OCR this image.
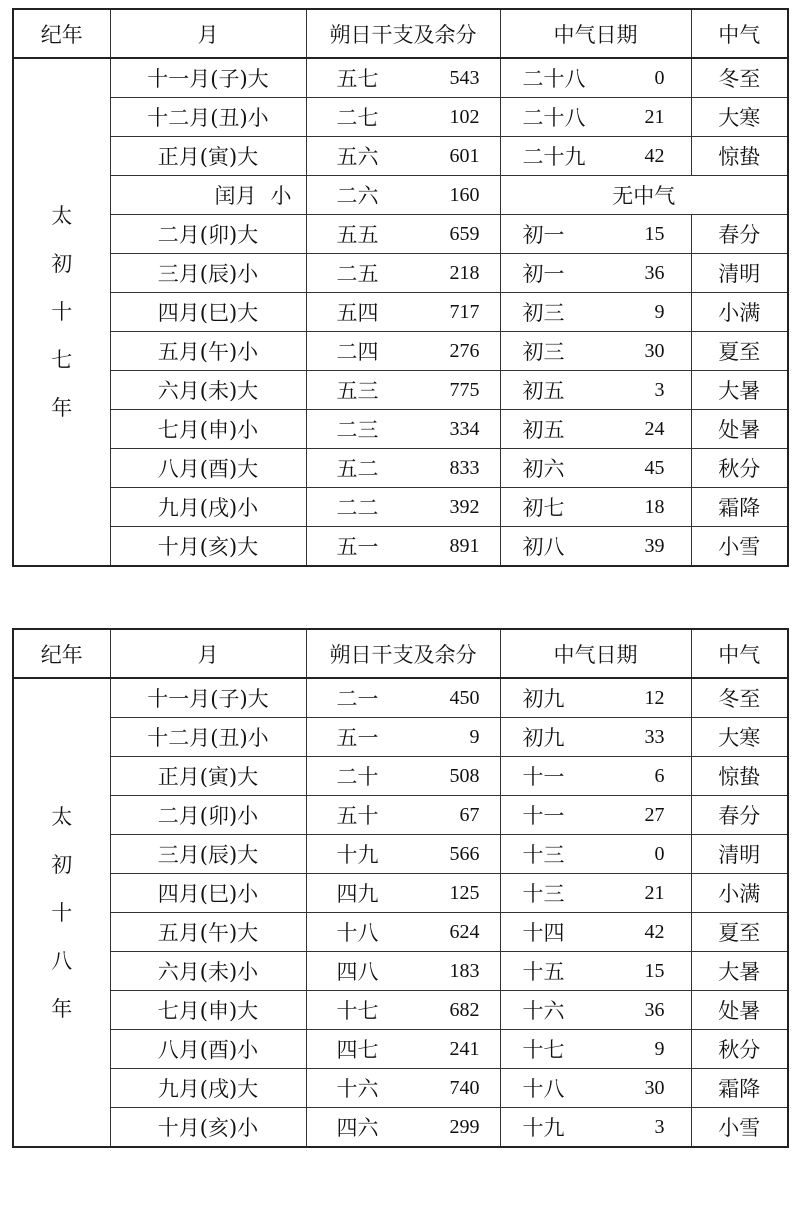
纪年	月	朔日干支及余分	中气日期	中气

太
初
十
七
年	十一月(子)大	五七 543	二十八 0	冬至
	十二月(丑)小	二七 102	二十八 21	大寒
	正月(寅)大	五六 601	二十九 42	惊蛰

	闰月 小	二六 160	无中气	
	二月(卯)大	五五 659	初一 15	春分
	三月(辰)小	二五 218	初一 36	清明
	四月(巳)大	五四 717	初三 9	小满
	五月(午)小	二四 276	初三 30	夏至
	六月(未)大	五三 775	初五 3	大暑
	七月(申)小	二三 334	初五 24	处暑
	八月(酉)大	五二 833	初六 45	秋分
	九月(戌)小	二二 392	初七 18	霜降
	十月(亥)大	五一 891	初八 39	小雪
纪年	月	朔日干支及余分	中气日期	中气

太
初
十
八
年	十一月(子)大	二一 450	初九 12	冬至
	十二月(丑)小	五一 9	初九 33	大寒
	正月(寅)大	二十 508	十一 6	惊蛰
	二月(卯)小	五十 67	十一 27	春分
	三月(辰)大	十九 566	十三 0	清明
	四月(巳)小	四九 125	十三 21	小满
	五月(午)大	十八 624	十四 42	夏至
	六月(未)小	四八 183	十五 15	大暑
	七月(申)大	十七 682	十六 36	处暑
	八月(酉)小	四七 241	十七 9	秋分
	九月(戌)大	十六 740	十八 30	霜降
	十月(亥)小	四六 299	十九 3	小雪
